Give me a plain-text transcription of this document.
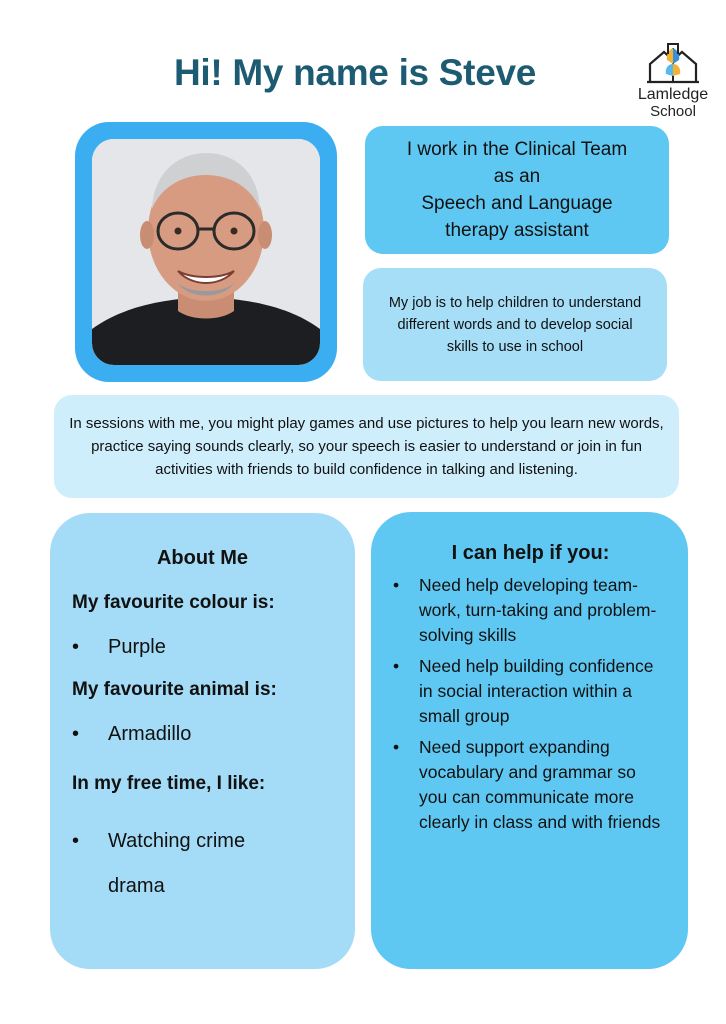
Hi! My name is Steve
Lamledge
School
I work in the Clinical Team
as an
Speech and Language
therapy assistant
My job is to help children to understand different words and to develop social skills to use in school
In sessions with me, you might play games and use pictures to help you learn new words, practice saying sounds clearly, so your speech is easier to understand or join in fun activities with friends to build confidence in talking and listening.

About Me

My favourite colour is:

•	Purple

My favourite animal is:

•	Armadillo

In my free time, I like:

•	Watching crime
drama

I can help if you:

•	Need help developing team-work, turn-taking and problem-solving skills
•	Need help building confidence in social interaction within a small group
•	Need support expanding vocabulary and grammar so you can communicate more clearly in class and with friends
